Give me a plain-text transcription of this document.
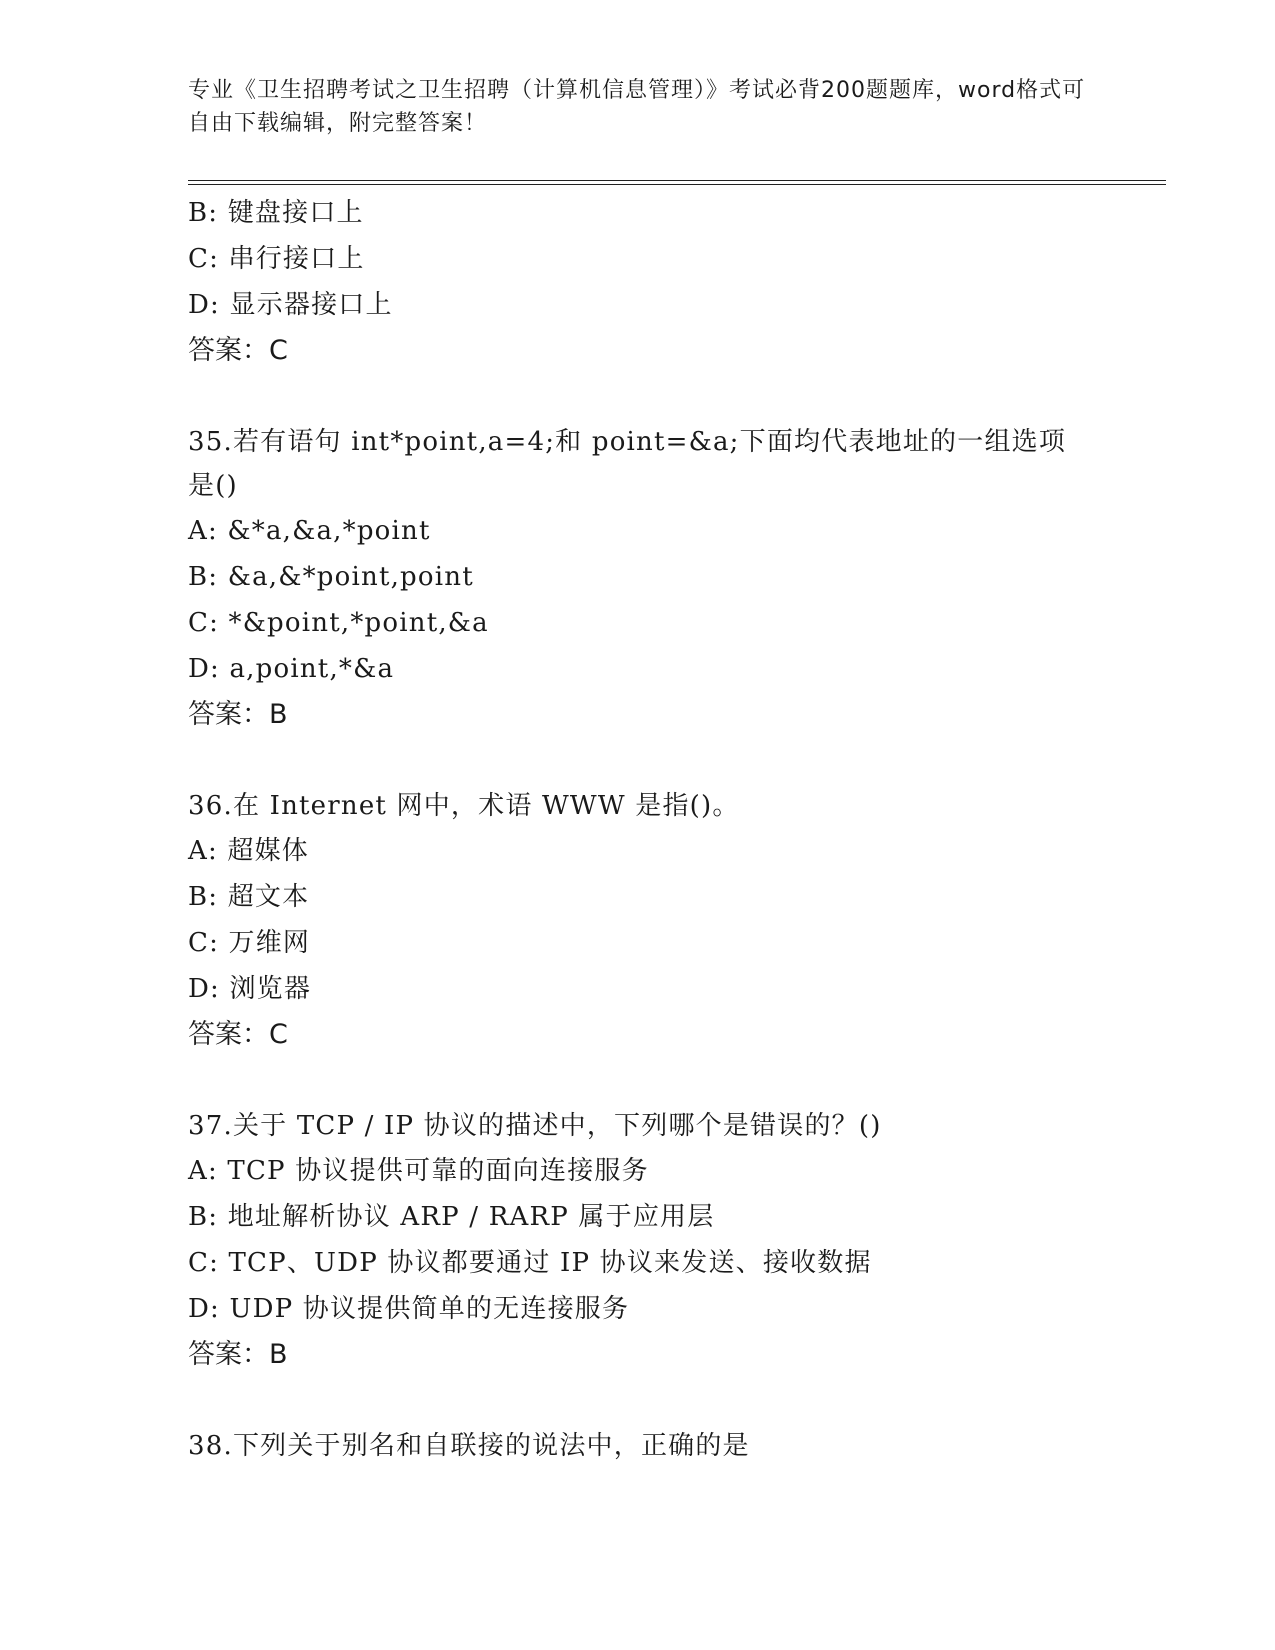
专业《卫生招聘考试之卫生招聘（计算机信息管理）》考试必背200题题库，word格式可自由下载编辑，附完整答案！
B: 键盘接口上
C: 串行接口上
D: 显示器接口上
答案：C
35.若有语句 int*point,a=4;和 point=&a;下面均代表地址的一组选项是()
A: &*a,&a,*point
B: &a,&*point,point
C: *&point,*point,&a
D: a,point,*&a
答案：B
36.在 Internet 网中，术语 WWW 是指()。
A: 超媒体
B: 超文本
C: 万维网
D: 浏览器
答案：C
37.关于 TCP / IP 协议的描述中，下列哪个是错误的？()
A: TCP 协议提供可靠的面向连接服务
B: 地址解析协议 ARP / RARP 属于应用层
C: TCP、UDP 协议都要通过 IP 协议来发送、接收数据
D: UDP 协议提供简单的无连接服务
答案：B
38.下列关于别名和自联接的说法中，正确的是
